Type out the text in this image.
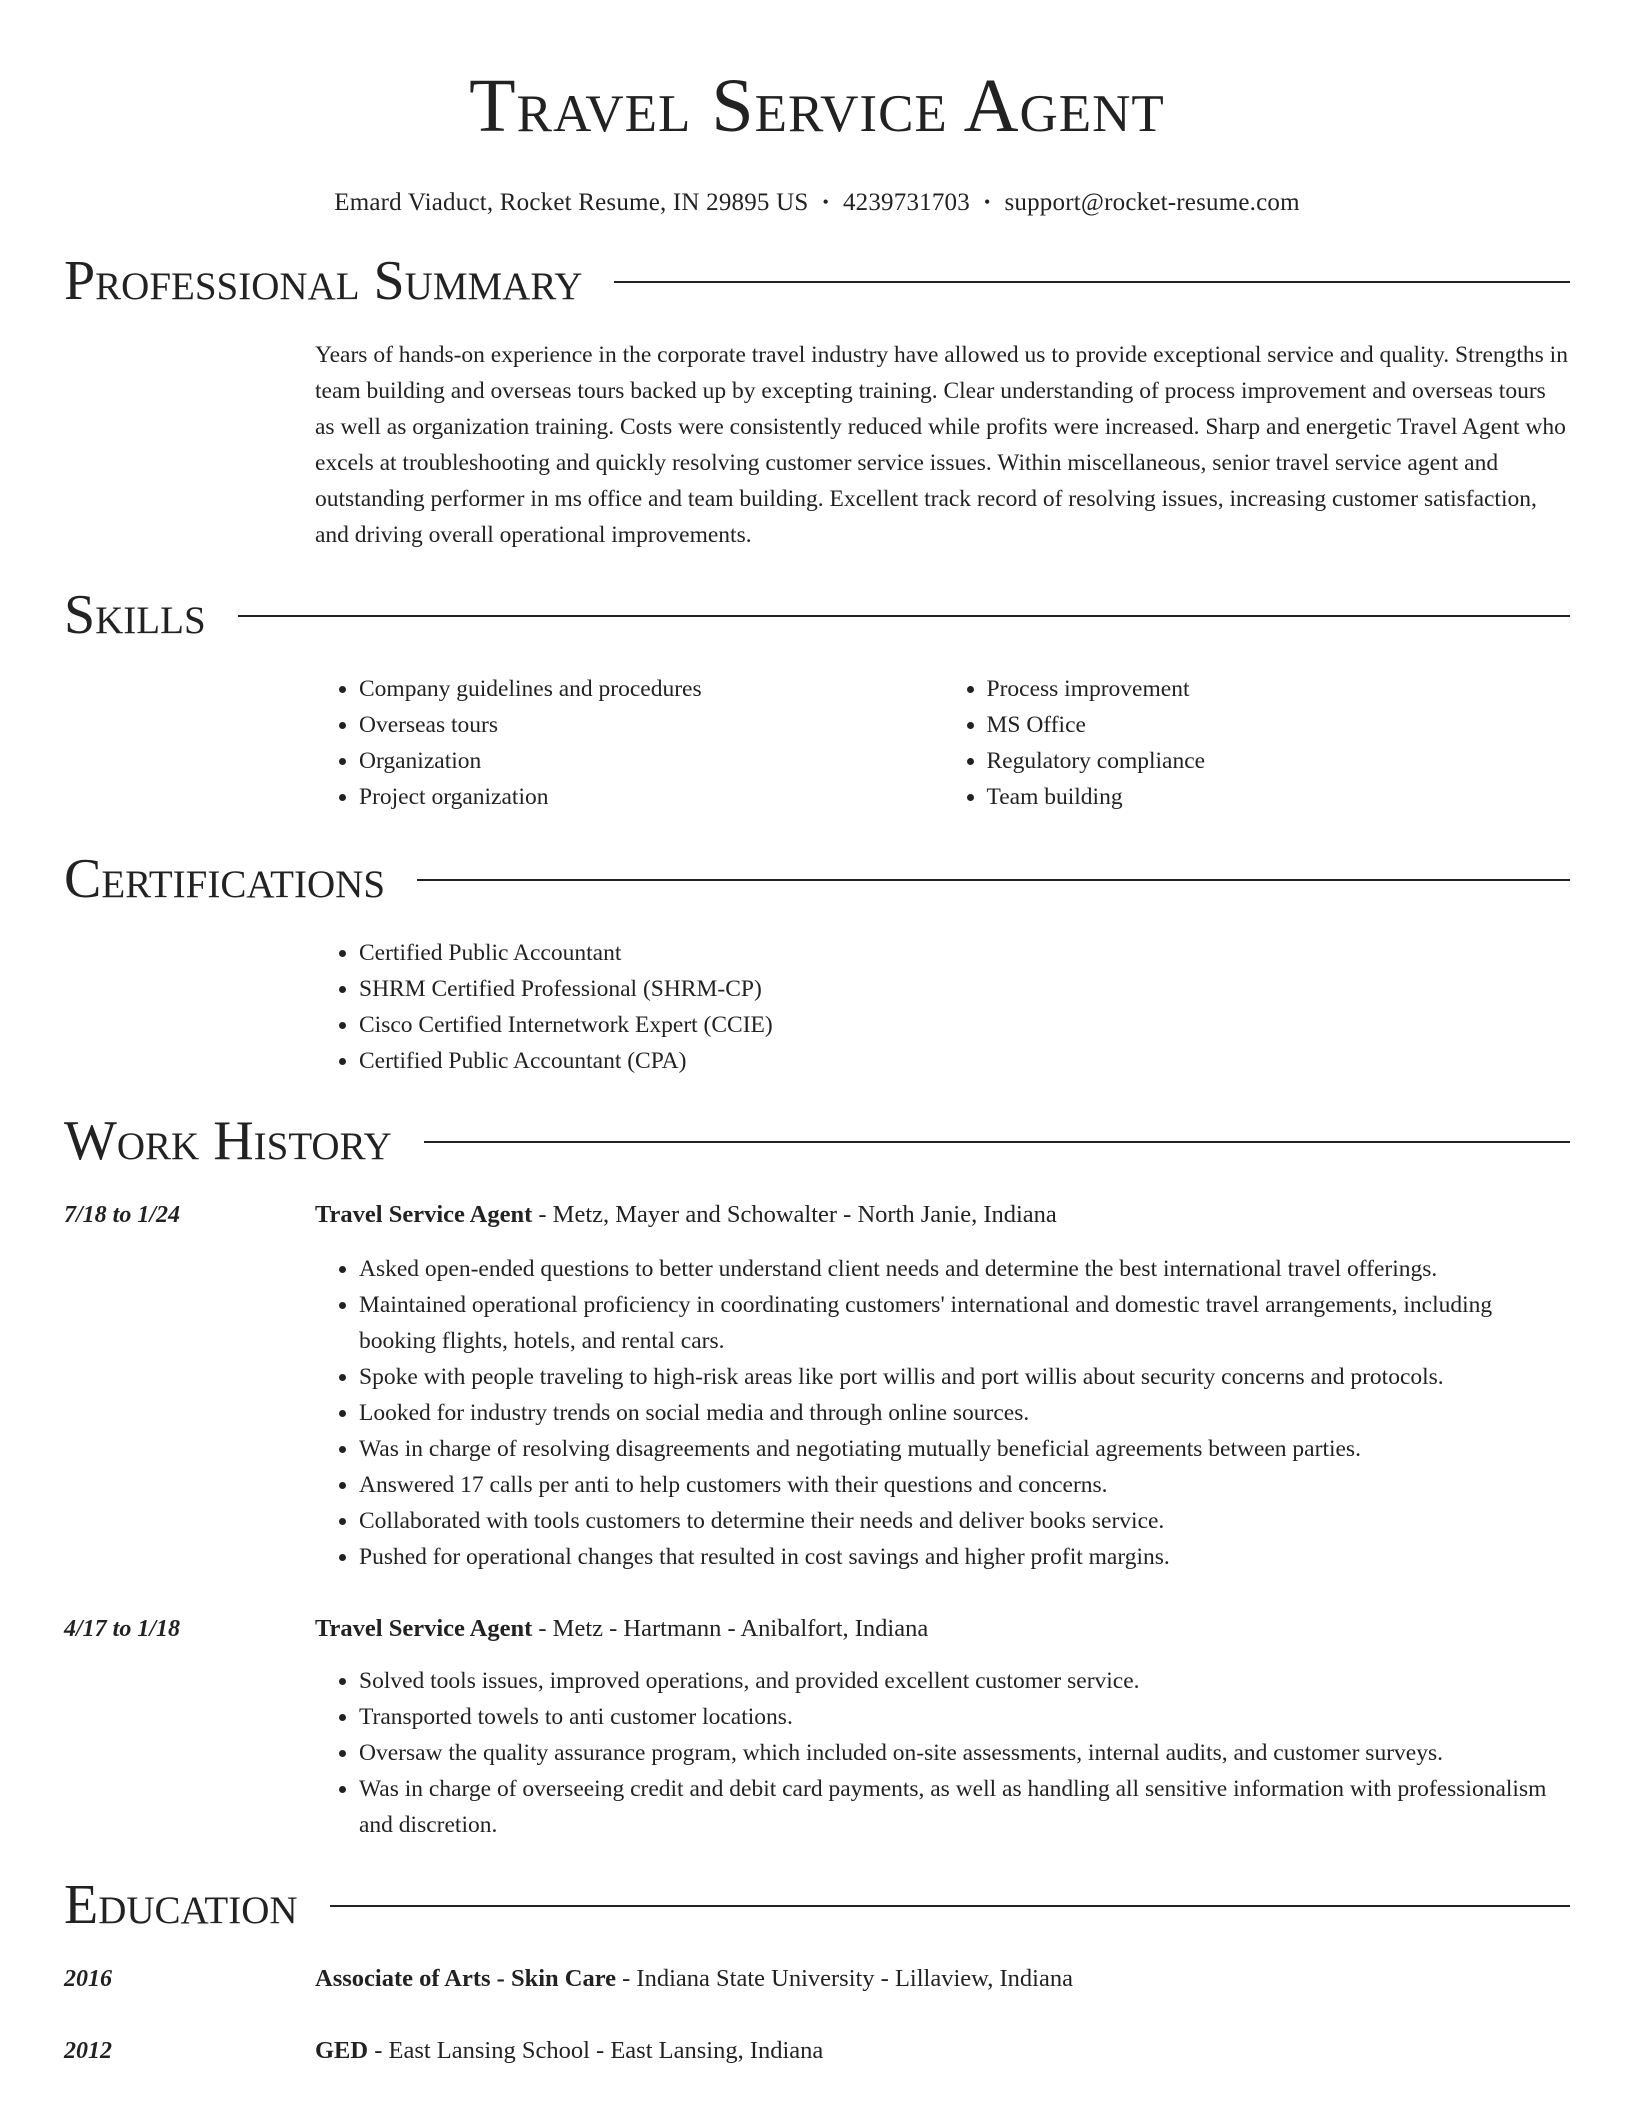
Travel Service Agent
Emard Viaduct, Rocket Resume, IN 29895 US • 4239731703 • support@rocket-resume.com
Professional Summary

Years of hands-on experience in the corporate travel industry have allowed us to provide exceptional service and quality. Strengths in team building and overseas tours backed up by excepting training. Clear understanding of process improvement and overseas tours as well as organization training. Costs were consistently reduced while profits were increased. Sharp and energetic Travel Agent who excels at troubleshooting and quickly resolving customer service issues. Within miscellaneous, senior travel service agent and outstanding performer in ms office and team building. Excellent track record of resolving issues, increasing customer satisfaction, and driving overall operational improvements.

Skills
• Company guidelines and procedures
• Overseas tours
• Organization
• Project organization
• Process improvement
• MS Office
• Regulatory compliance
• Team building
Certifications
• Certified Public Accountant
• SHRM Certified Professional (SHRM-CP)
• Cisco Certified Internetwork Expert (CCIE)
• Certified Public Accountant (CPA)
Work History
7/18 to 1/24	Travel Service Agent - Metz, Mayer and Schowalter - North Janie, Indiana
• Asked open-ended questions to better understand client needs and determine the best international travel offerings.
• Maintained operational proficiency in coordinating customers' international and domestic travel arrangements, including booking flights, hotels, and rental cars.
• Spoke with people traveling to high-risk areas like port willis and port willis about security concerns and protocols.
• Looked for industry trends on social media and through online sources.
• Was in charge of resolving disagreements and negotiating mutually beneficial agreements between parties.
• Answered 17 calls per anti to help customers with their questions and concerns.
• Collaborated with tools customers to determine their needs and deliver books service.
• Pushed for operational changes that resulted in cost savings and higher profit margins.
4/17 to 1/18	Travel Service Agent - Metz - Hartmann - Anibalfort, Indiana
• Solved tools issues, improved operations, and provided excellent customer service.
• Transported towels to anti customer locations.
• Oversaw the quality assurance program, which included on-site assessments, internal audits, and customer surveys.
• Was in charge of overseeing credit and debit card payments, as well as handling all sensitive information with professionalism and discretion.
Education
2016	Associate of Arts - Skin Care - Indiana State University - Lillaview, Indiana
2012	GED - East Lansing School - East Lansing, Indiana
